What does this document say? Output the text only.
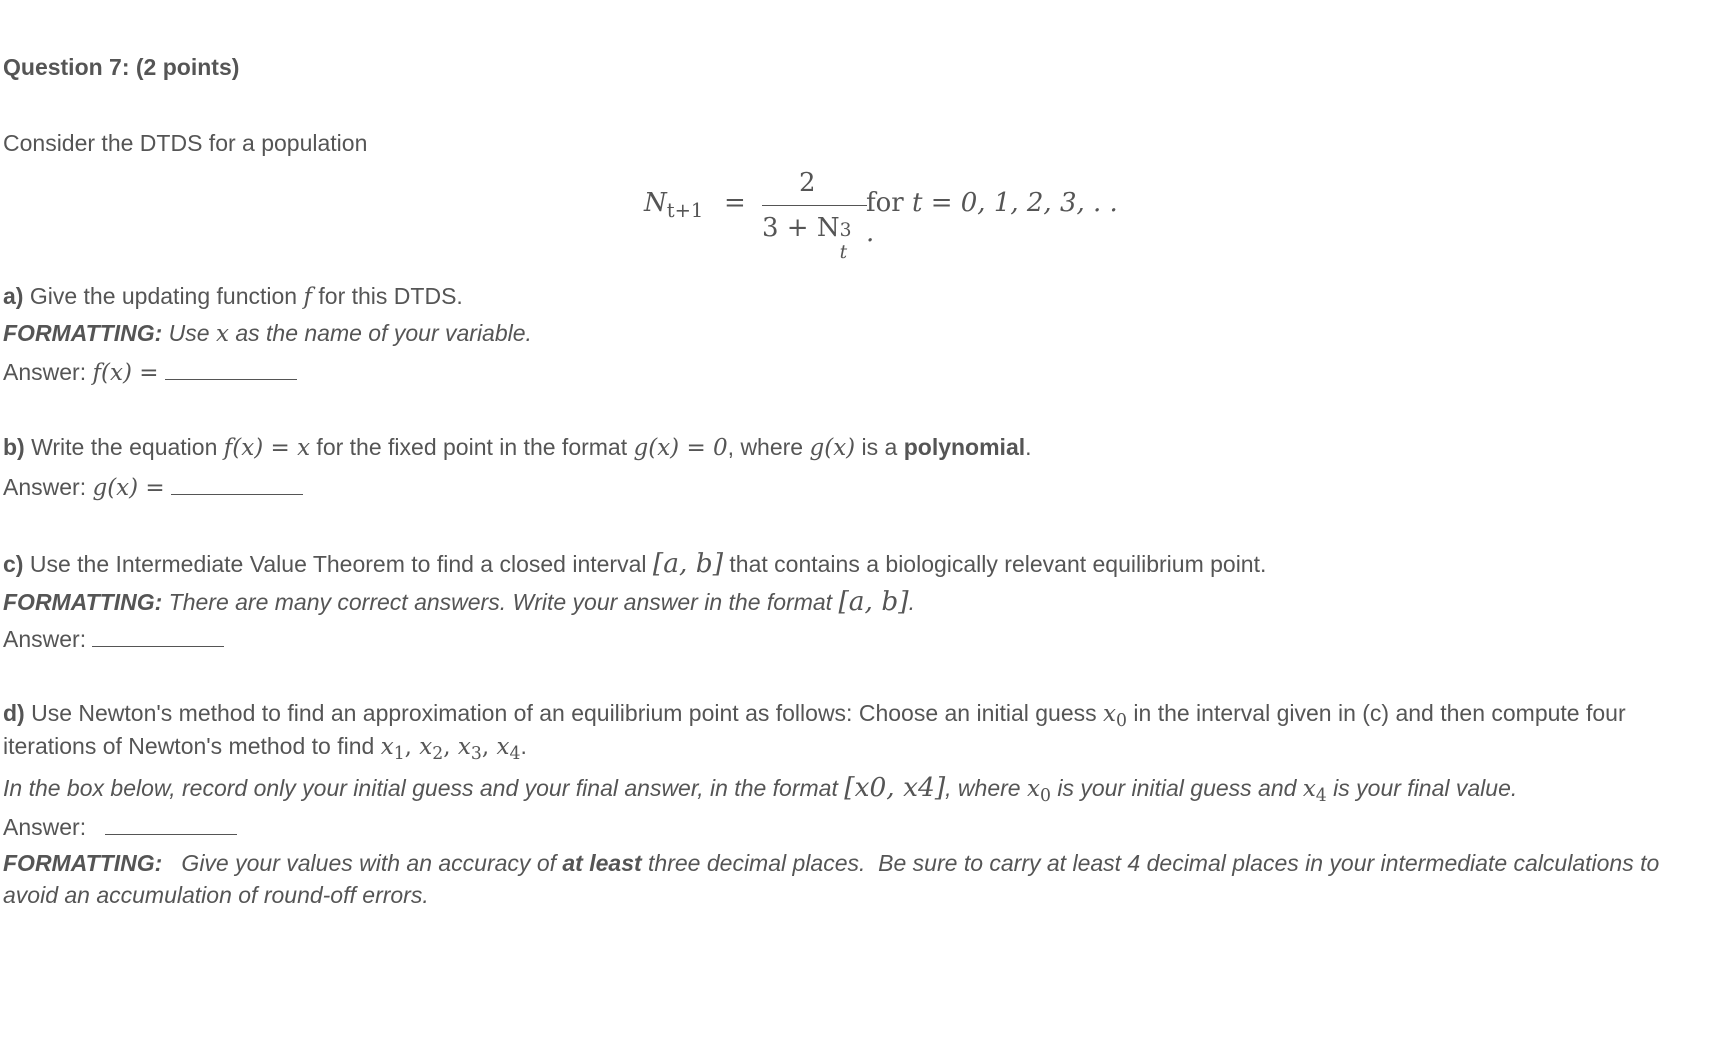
Question 7: (2 points)
Consider the DTDS for a population
$N_{t+1}$ =
2
3 + N 3
t
for t = 0, 1, 2, 3, . . .
a) Give the updating function f for this DTDS.
FORMATTING: Use x as the name of your variable.
Answer: f(x) =
b) Write the equation f(x) = x for the fixed point in the format g(x) = 0, where g(x) is a polynomial.
Answer: g(x) =
c) Use the Intermediate Value Theorem to find a closed interval [a, b] that contains a biologically relevant equilibrium point.
FORMATTING: There are many correct answers. Write your answer in the format [a, b].
Answer:
d) Use Newton's method to find an approximation of an equilibrium point as follows: Choose an initial guess $x_0$ in the interval given in (c) and then compute four
iterations of Newton's method to find $x_1$, $x_2$, $x_3$, $x_4$.
In the box below, record only your initial guess and your final answer, in the format [x0, x4], where $x_0$ is your initial guess and $x_4$ is your final value.
Answer:
FORMATTING:   Give your values with an accuracy of at least three decimal places.  Be sure to carry at least 4 decimal places in your intermediate calculations to
avoid an accumulation of round-off errors.
